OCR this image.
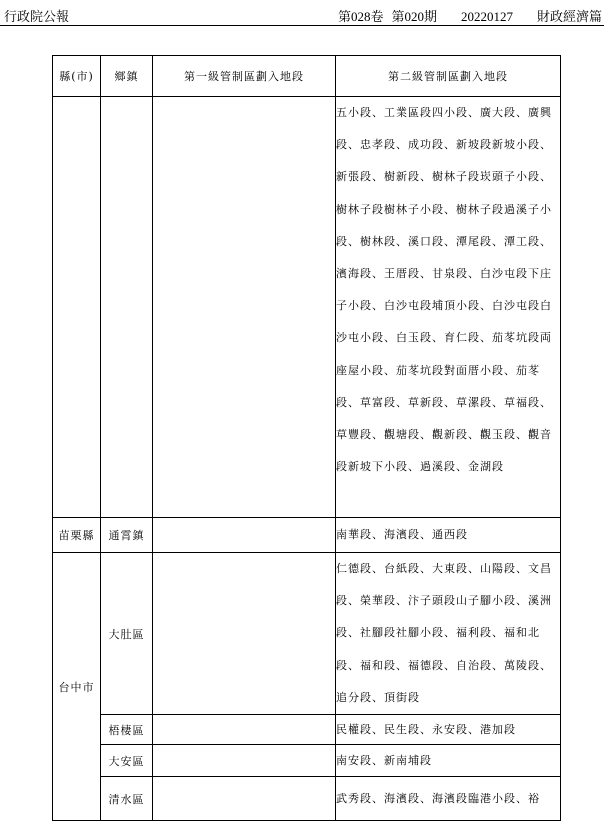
行政院公報	第028卷 第020期 20220127 財政經濟篇
縣(市)	鄉鎮	第一級管制區劃入地段	第二級管制區劃入地段
			五小段、工業區段四小段、廣大段、廣興段、忠孝段、成功段、新坡段新坡小段、新張段、樹新段、樹林子段崁頭子小段、樹林子段樹林子小段、樹林子段過溪子小段、樹林段、溪口段、潭尾段、潭工段、濱海段、王厝段、甘泉段、白沙屯段下庄子小段、白沙屯段埔頂小段、白沙屯段白沙屯小段、白玉段、育仁段、茄苳坑段両座屋小段、茄苳坑段對面厝小段、茄苳段、草富段、草新段、草漯段、草福段、草豐段、觀塘段、觀新段、觀玉段、觀音段新坡下小段、過溪段、金湖段
苗栗縣	通霄鎮		南華段、海濱段、通西段
台中市	大肚區		仁德段、台紙段、大東段、山陽段、文昌段、榮華段、汴子頭段山子腳小段、溪洲段、社腳段社腳小段、福利段、福和北段、福和段、福德段、自治段、萬陵段、追分段、頂街段
	梧棲區		民權段、民生段、永安段、港加段
	大安區		南安段、新南埔段
	清水區		武秀段、海濱段、海濱段臨港小段、裕
